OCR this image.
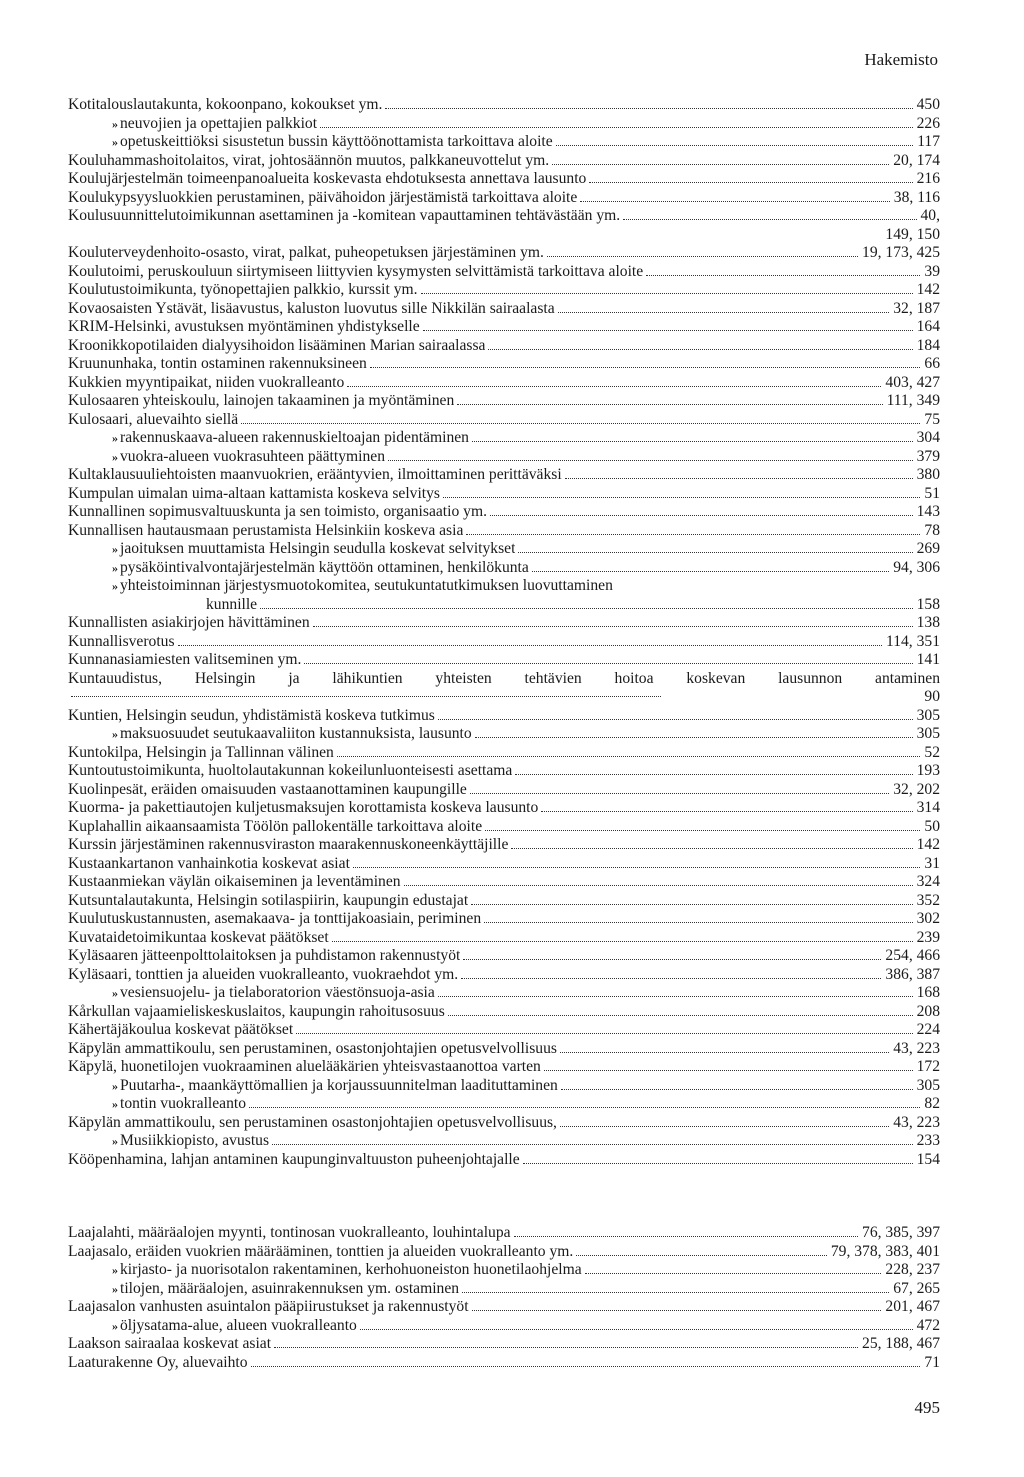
Hakemisto
Kotitalouslautakunta, kokoonpano, kokoukset ym.	450
» neuvojien ja opettajien palkkiot	226
» opetuskeittiöksi sisustetun bussin käyttöönottamista tarkoittava aloite	117
Kouluhammashoitolaitos, virat, johtosäännön muutos, palkkaneuvottelut ym.	20, 174
Koulujärjestelmän toimeenpanoalueita koskevasta ehdotuksesta annettava lausunto	216
Koulukypsyysluokkien perustaminen, päivähoidon järjestämistä tarkoittava aloite	38, 116
Koulusuunnittelutoimikunnan asettaminen ja -komitean vapauttaminen tehtävästään ym.	40,
149, 150
Kouluterveydenhoito-osasto, virat, palkat, puheopetuksen järjestäminen ym.	19, 173, 425
Koulutoimi, peruskouluun siirtymiseen liittyvien kysymysten selvittämistä tarkoittava aloite	39
Koulutustoimikunta, työnopettajien palkkio, kurssit ym.	142
Kovaosaisten Ystävät, lisäavustus, kaluston luovutus sille Nikkilän sairaalasta	32, 187
KRIM-Helsinki, avustuksen myöntäminen yhdistykselle	164
Kroonikkopotilaiden dialyysihoidon lisääminen Marian sairaalassa	184
Kruununhaka, tontin ostaminen rakennuksineen	66
Kukkien myyntipaikat, niiden vuokralleanto	403, 427
Kulosaaren yhteiskoulu, lainojen takaaminen ja myöntäminen	111, 349
Kulosaari, aluevaihto siellä	75
» rakennuskaava-alueen rakennuskieltoajan pidentäminen	304
» vuokra-alueen vuokrasuhteen päättyminen	379
Kultaklausuuliehtoisten maanvuokrien, erääntyvien, ilmoittaminen perittäväksi	380
Kumpulan uimalan uima-altaan kattamista koskeva selvitys	51
Kunnallinen sopimusvaltuuskunta ja sen toimisto, organisaatio ym.	143
Kunnallisen hautausmaan perustamista Helsinkiin koskeva asia	78
» jaoituksen muuttamista Helsingin seudulla koskevat selvitykset	269
» pysäköintivalvontajärjestelmän käyttöön ottaminen, henkilökunta	94, 306
» yhteistoiminnan järjestysmuotokomitea, seutukuntatutkimuksen luovuttaminen
kunnille	158
Kunnallisten asiakirjojen hävittäminen	138
Kunnallisverotus	114, 351
Kunnanasiamiesten valitseminen ym.	141
Kuntauudistus, Helsingin ja lähikuntien yhteisten tehtävien hoitoa koskevan lausunnon antaminen
90
Kuntien, Helsingin seudun, yhdistämistä koskeva tutkimus	305
» maksuosuudet seutukaavaliiton kustannuksista, lausunto	305
Kuntokilpa, Helsingin ja Tallinnan välinen	52
Kuntoutustoimikunta, huoltolautakunnan kokeilunluonteisesti asettama	193
Kuolinpesät, eräiden omaisuuden vastaanottaminen kaupungille	32, 202
Kuorma- ja pakettiautojen kuljetusmaksujen korottamista koskeva lausunto	314
Kuplahallin aikaansaamista Töölön pallokentälle tarkoittava aloite	50
Kurssin järjestäminen rakennusviraston maarakennuskoneenkäyttäjille	142
Kustaankartanon vanhainkotia koskevat asiat	31
Kustaanmiekan väylän oikaiseminen ja leventäminen	324
Kutsuntalautakunta, Helsingin sotilaspiirin, kaupungin edustajat	352
Kuulutuskustannusten, asemakaava- ja tonttijakoasiain, periminen	302
Kuvataidetoimikuntaa koskevat päätökset	239
Kyläsaaren jätteenpolttolaitoksen ja puhdistamon rakennustyöt	254, 466
Kyläsaari, tonttien ja alueiden vuokralleanto, vuokraehdot ym.	386, 387
» vesiensuojelu- ja tielaboratorion väestönsuoja-asia	168
Kårkullan vajaamieliskeskuslaitos, kaupungin rahoitusosuus	208
Kähertäjäkoulua koskevat päätökset	224
Käpylän ammattikoulu, sen perustaminen, osastonjohtajien opetusvelvollisuus	43, 223
Käpylä, huonetilojen vuokraaminen aluelääkärien yhteisvastaanottoa varten	172
» Puutarha-, maankäyttömallien ja korjaussuunnitelman laadituttaminen	305
» tontin vuokralleanto	82
Käpylän ammattikoulu, sen perustaminen osastonjohtajien opetusvelvollisuus,	43, 223
» Musiikkiopisto, avustus	233
Kööpenhamina, lahjan antaminen kaupunginvaltuuston puheenjohtajalle	154
Laajalahti, määräalojen myynti, tontinosan vuokralleanto, louhintalupa	76, 385, 397
Laajasalo, eräiden vuokrien määrääminen, tonttien ja alueiden vuokralleanto ym.	79, 378, 383, 401
» kirjasto- ja nuorisotalon rakentaminen, kerhohuoneiston huonetilaohjelma	228, 237
» tilojen, määräalojen, asuinrakennuksen ym. ostaminen	67, 265
Laajasalon vanhusten asuintalon pääpiirustukset ja rakennustyöt	201, 467
» öljysatama-alue, alueen vuokralleanto	472
Laakson sairaalaa koskevat asiat	25, 188, 467
Laaturakenne Oy, aluevaihto	71
495
